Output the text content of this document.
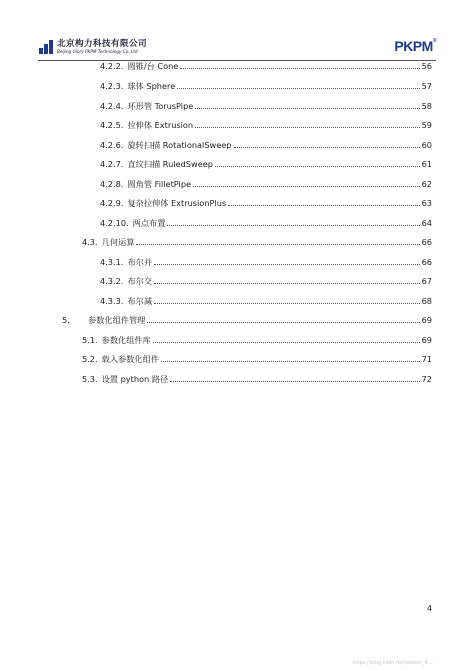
北京构力科技有限公司
Beijing Glory PKPM Technology Co.,Ltd	PKPM®
4.2.2. 圆锥/台 Cone	56
4.2.3. 球体 Sphere	57
4.2.4. 环形管 TorusPipe	58
4.2.5. 拉伸体 Extrusion	59
4.2.6. 旋转扫描 RotationalSweep	60
4.2.7. 直纹扫描 RuledSweep	61
4.2.8. 圆角管 FilletPipe	62
4.2.9. 复杂拉伸体 ExtrusionPlus	63
4.2.10. 两点布置	64
4.3. 几何运算	66
4.3.1. 布尔并	66
4.3.2. 布尔交	67
4.3.3. 布尔减	68
5.	参数化组件管理	69
5.1. 参数化组件库	69
5.2. 载入参数化组件	71
5.3. 设置 python 路径	72
4
https://blog.csdn.net/weixin_4....
